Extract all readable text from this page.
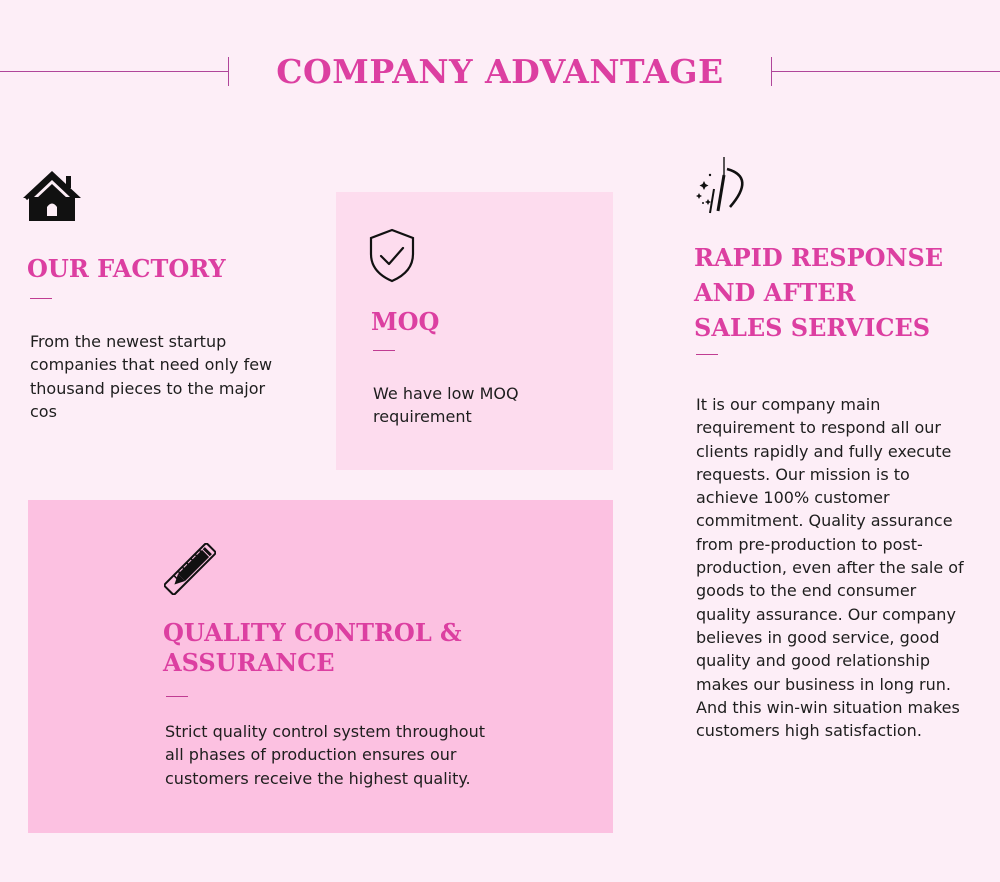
COMPANY ADVANTAGE
OUR FACTORY
From the newest startup companies that need only few thousand pieces to the major cos
MOQ
We have low MOQ requirement
RAPID RESPONSE
AND AFTER
SALES SERVICES
It is our company main requirement to respond all our clients rapidly and fully execute requests. Our mission is to achieve 100% customer commitment. Quality assurance from pre-production to post-production, even after the sale of goods to the end consumer quality assurance. Our company believes in good service, good quality and good relationship makes our business in long run. And this win-win situation makes customers high satisfaction.
QUALITY CONTROL &
ASSURANCE
Strict quality control system throughout all phases of production ensures our customers receive the highest quality.
